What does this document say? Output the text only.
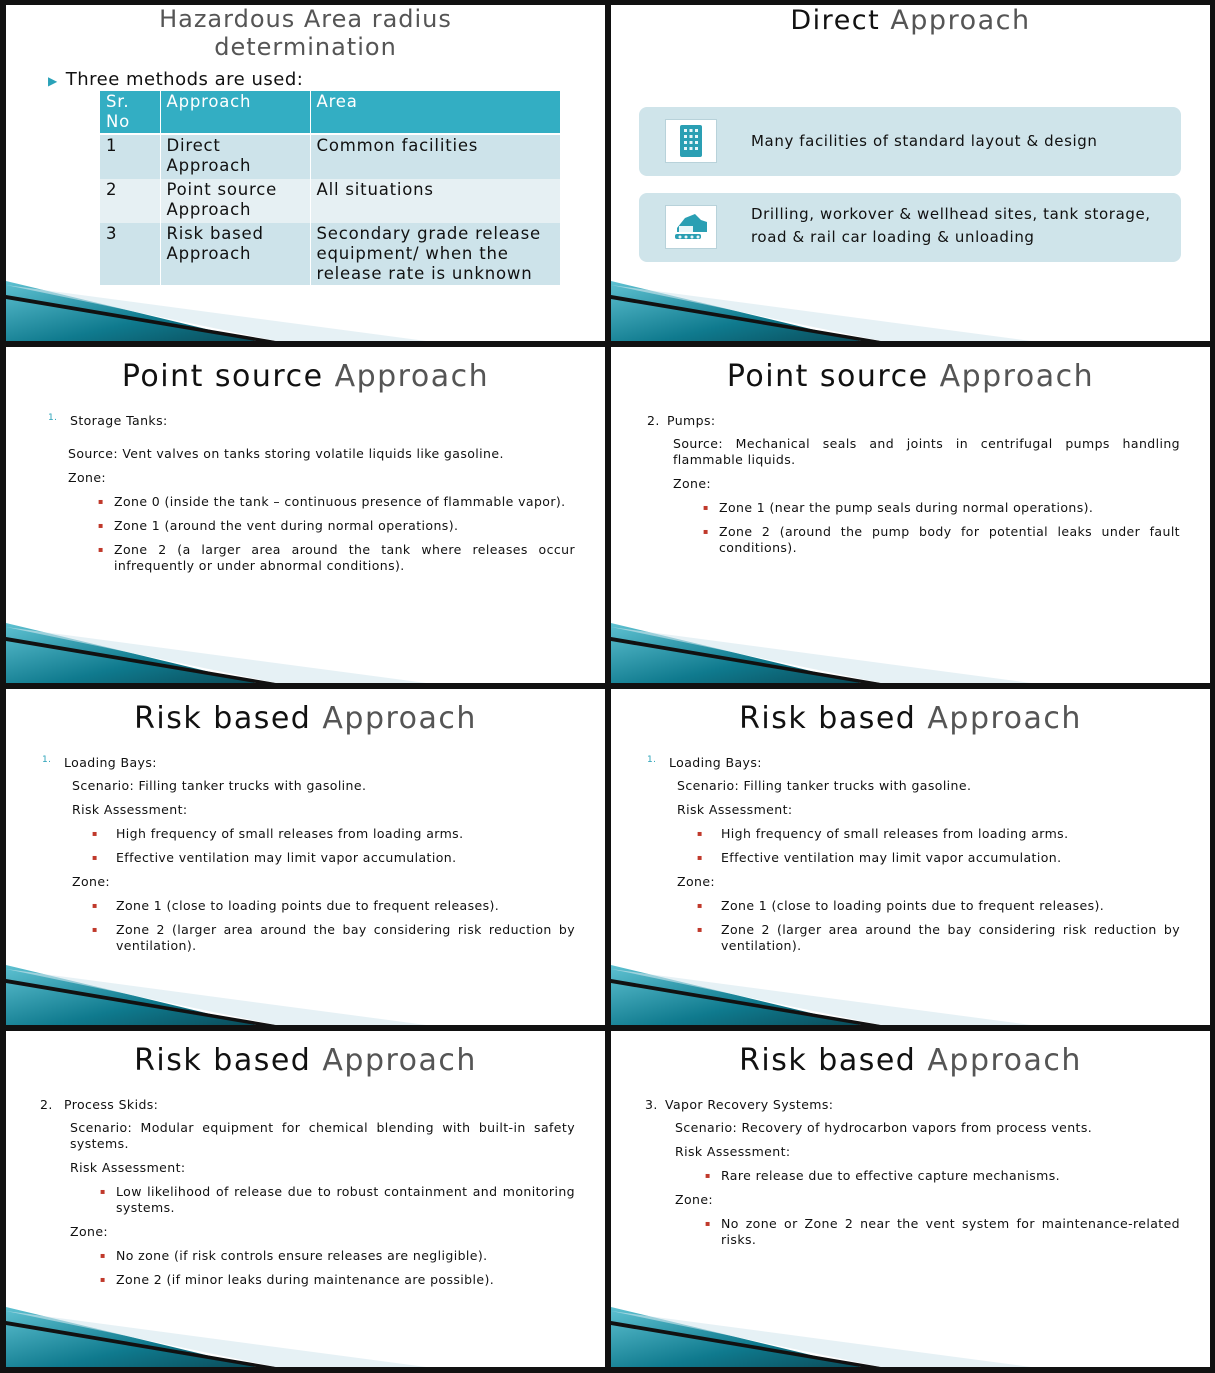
Hazardous Area radius determination
▶ Three methods are used:
Sr. No	Approach	Area
1	Direct Approach	Common facilities
2	Point source Approach	All situations
3	Risk based Approach	Secondary grade release equipment/ when the release rate is unknown
Direct Approach
Many facilities of standard layout & design
Drilling, workover & wellhead sites, tank storage, road & rail car loading & unloading
Point source Approach
1. Storage Tanks:
Source: Vent valves on tanks storing volatile liquids like gasoline.
Zone:
▪ Zone 0 (inside the tank – continuous presence of flammable vapor).
▪ Zone 1 (around the vent during normal operations).
▪ Zone 2 (a larger area around the tank where releases occur infrequently or under abnormal conditions).
Point source Approach
2. Pumps:
Source: Mechanical seals and joints in centrifugal pumps handling flammable liquids.
Zone:
▪ Zone 1 (near the pump seals during normal operations).
▪ Zone 2 (around the pump body for potential leaks under fault conditions).
Risk based Approach
1. Loading Bays:
Scenario: Filling tanker trucks with gasoline.
Risk Assessment:
▪ High frequency of small releases from loading arms.
▪ Effective ventilation may limit vapor accumulation.
Zone:
▪ Zone 1 (close to loading points due to frequent releases).
▪ Zone 2 (larger area around the bay considering risk reduction by ventilation).
Risk based Approach
1. Loading Bays:
Scenario: Filling tanker trucks with gasoline.
Risk Assessment:
▪ High frequency of small releases from loading arms.
▪ Effective ventilation may limit vapor accumulation.
Zone:
▪ Zone 1 (close to loading points due to frequent releases).
▪ Zone 2 (larger area around the bay considering risk reduction by ventilation).
Risk based Approach
2. Process Skids:
Scenario: Modular equipment for chemical blending with built-in safety systems.
Risk Assessment:
▪ Low likelihood of release due to robust containment and monitoring systems.
Zone:
▪ No zone (if risk controls ensure releases are negligible).
▪ Zone 2 (if minor leaks during maintenance are possible).
Risk based Approach
3. Vapor Recovery Systems:
Scenario: Recovery of hydrocarbon vapors from process vents.
Risk Assessment:
▪ Rare release due to effective capture mechanisms.
Zone:
▪ No zone or Zone 2 near the vent system for maintenance-related risks.
